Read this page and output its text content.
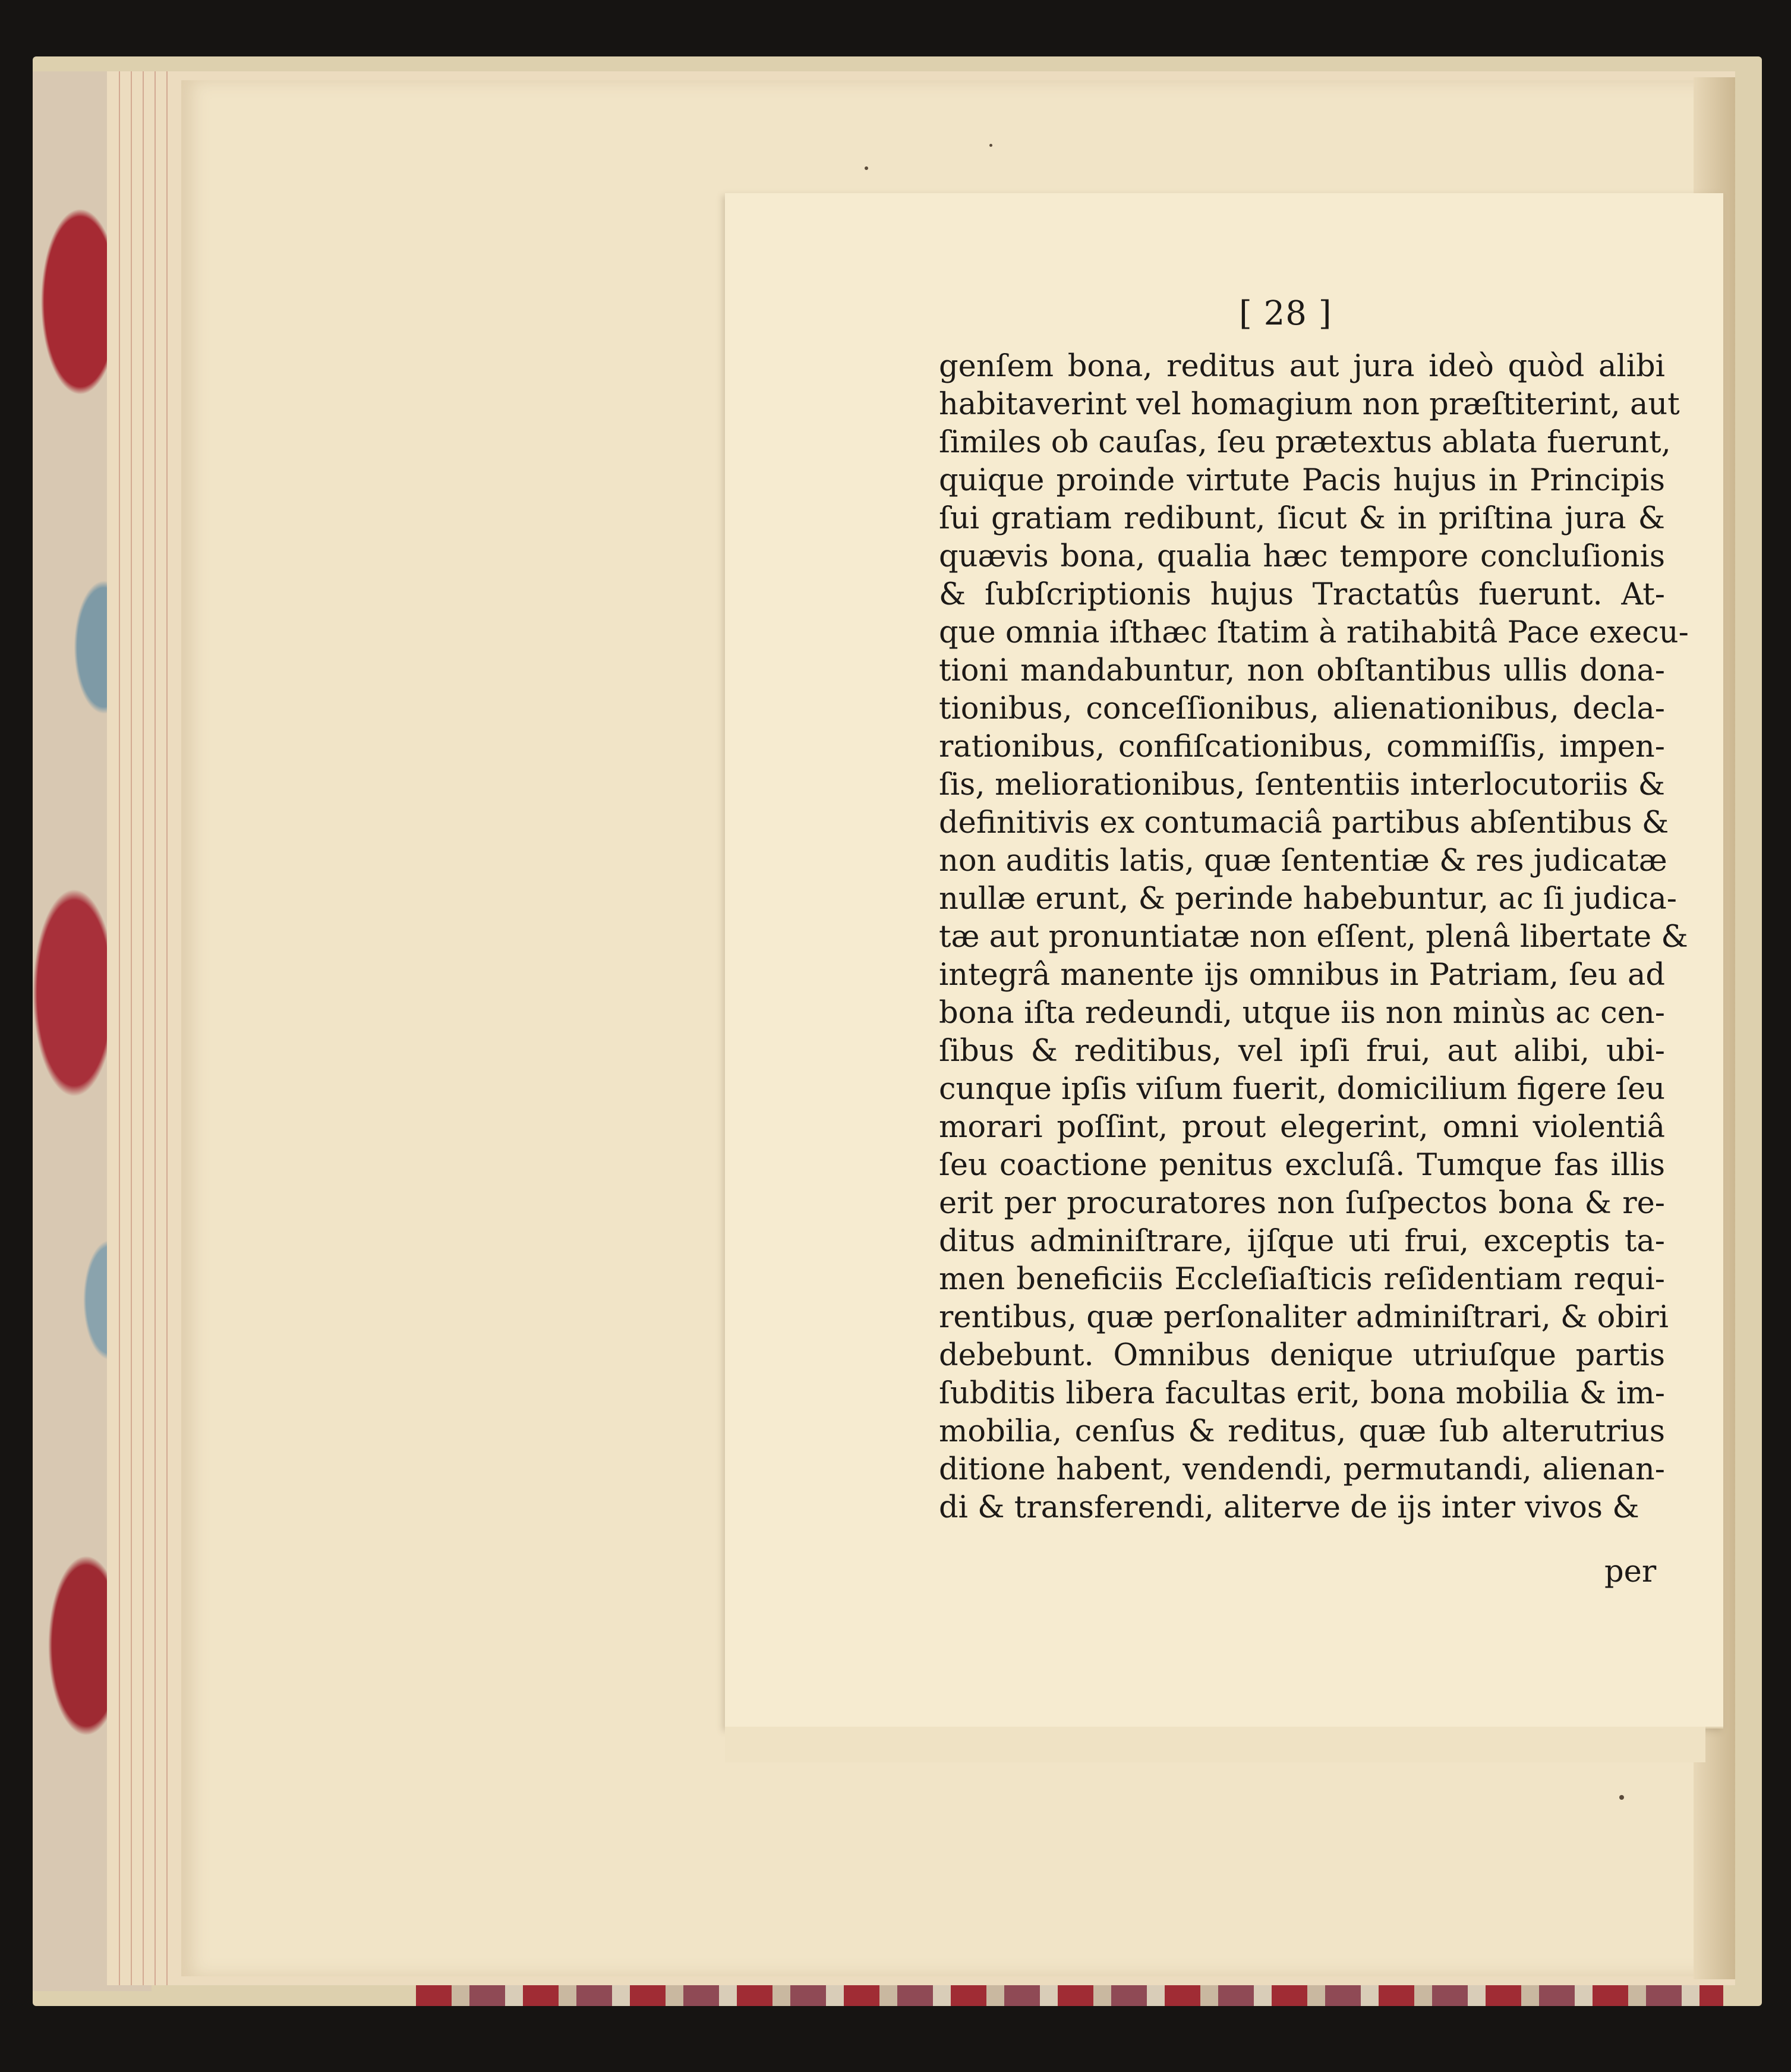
[ 28 ]
genſem bona, reditus aut jura ideò quòd alibi
habitaverint vel homagium non præſtiterint, aut
ſimiles ob cauſas, ſeu prætextus ablata fuerunt,
quique proinde virtute Pacis hujus in Principis
ſui gratiam redibunt, ſicut & in priſtina jura &
quævis bona, qualia hæc tempore concluſionis
& ſubſcriptionis hujus Tractatûs fuerunt. At-
que omnia iſthæc ſtatim à ratihabitâ Pace execu-
tioni mandabuntur, non obſtantibus ullis dona-
tionibus, conceſſionibus, alienationibus, decla-
rationibus, confiſcationibus, commiſſis, impen-
ſis, meliorationibus, ſententiis interlocutoriis &
definitivis ex contumaciâ partibus abſentibus &
non auditis latis, quæ ſententiæ & res judicatæ
nullæ erunt, & perinde habebuntur, ac ſi judica-
tæ aut pronuntiatæ non eſſent, plenâ libertate &
integrâ manente ijs omnibus in Patriam, ſeu ad
bona iſta redeundi, utque iis non minùs ac cen-
ſibus & reditibus, vel ipſi frui, aut alibi, ubi-
cunque ipſis viſum fuerit, domicilium figere ſeu
morari poſſint, prout elegerint, omni violentiâ
ſeu coactione penitus excluſâ. Tumque fas illis
erit per procuratores non ſuſpectos bona & re-
ditus adminiſtrare, ijſque uti frui, exceptis ta-
men beneficiis Eccleſiaſticis reſidentiam requi-
rentibus, quæ perſonaliter adminiſtrari, & obiri
debebunt. Omnibus denique utriuſque partis
ſubditis libera facultas erit, bona mobilia & im-
mobilia, cenſus & reditus, quæ ſub alterutrius
ditione habent, vendendi, permutandi, alienan-
di & transferendi, aliterve de ijs inter vivos &
per
